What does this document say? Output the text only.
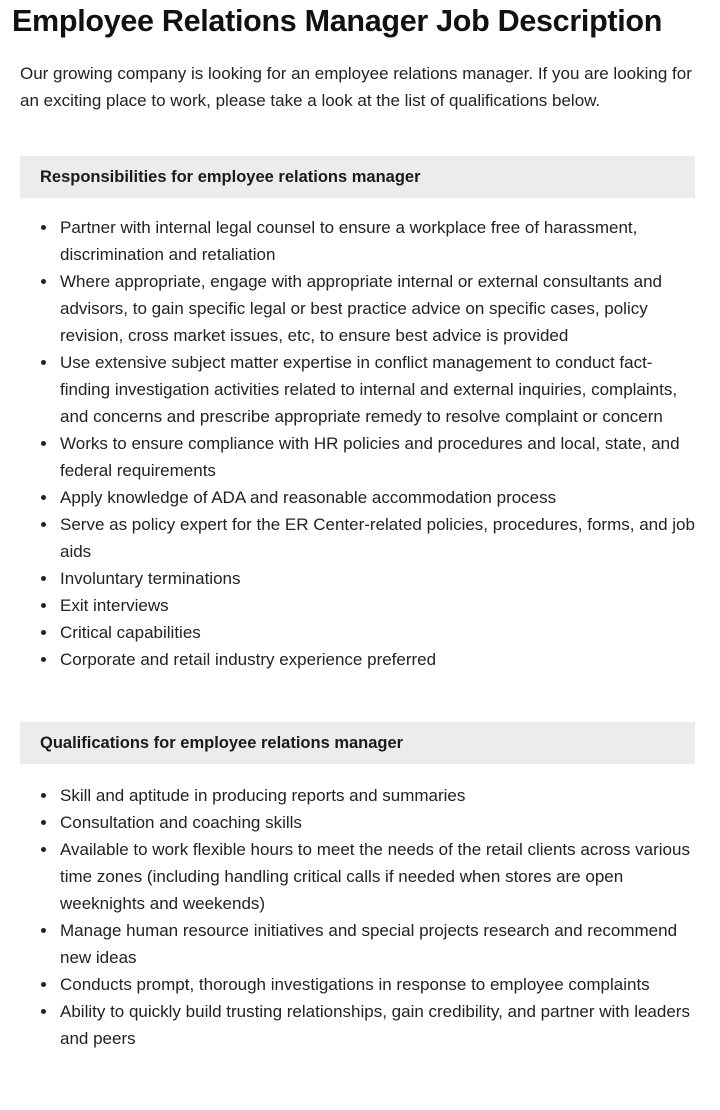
Employee Relations Manager Job Description

Our growing company is looking for an employee relations manager. If you are looking for an exciting place to work, please take a look at the list of qualifications below.

Responsibilities for employee relations manager
Partner with internal legal counsel to ensure a workplace free of harassment, discrimination and retaliation
Where appropriate, engage with appropriate internal or external consultants and advisors, to gain specific legal or best practice advice on specific cases, policy revision, cross market issues, etc, to ensure best advice is provided
Use extensive subject matter expertise in conflict management to conduct fact-finding investigation activities related to internal and external inquiries, complaints, and concerns and prescribe appropriate remedy to resolve complaint or concern
Works to ensure compliance with HR policies and procedures and local, state, and federal requirements
Apply knowledge of ADA and reasonable accommodation process
Serve as policy expert for the ER Center-related policies, procedures, forms, and job aids
Involuntary terminations
Exit interviews
Critical capabilities
Corporate and retail industry experience preferred
Qualifications for employee relations manager
Skill and aptitude in producing reports and summaries
Consultation and coaching skills
Available to work flexible hours to meet the needs of the retail clients across various time zones (including handling critical calls if needed when stores are open weeknights and weekends)
Manage human resource initiatives and special projects research and recommend new ideas
Conducts prompt, thorough investigations in response to employee complaints
Ability to quickly build trusting relationships, gain credibility, and partner with leaders and peers
